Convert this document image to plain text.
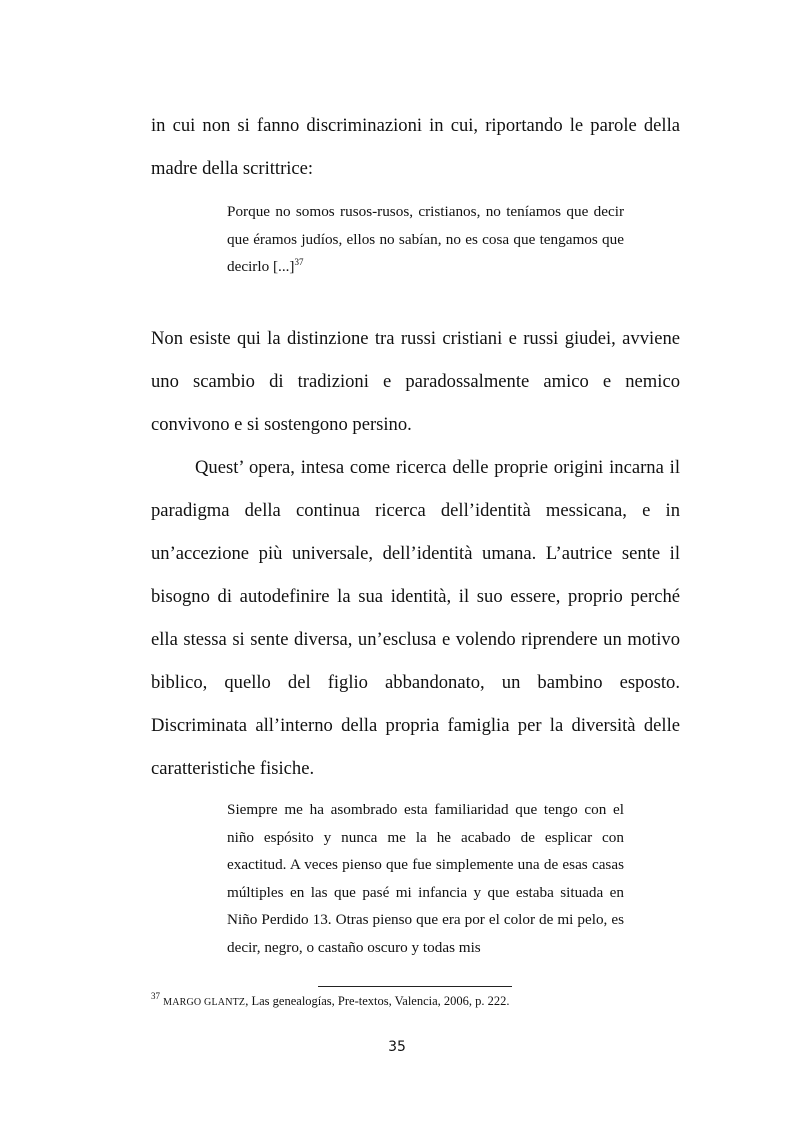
in cui non si fanno discriminazioni in cui, riportando le parole della madre della scrittrice:

Porque no somos rusos-rusos, cristianos, no teníamos que decir que éramos judíos, ellos no sabían, no es cosa que tengamos que decirlo [...]$^{37}$

Non esiste qui la distinzione tra russi cristiani e russi giudei, avviene uno scambio di tradizioni e paradossalmente amico e nemico convivono e si sostengono persino.

Quest’ opera, intesa come ricerca delle proprie origini incarna il paradigma della continua ricerca dell’identità messicana, e in un’accezione più universale, dell’identità umana. L’autrice sente il bisogno di autodefinire la sua identità, il suo essere, proprio perché ella stessa si sente diversa, un’esclusa e volendo riprendere un motivo biblico, quello del figlio abbandonato, un bambino esposto. Discriminata all’interno della propria famiglia per la diversità delle caratteristiche fisiche.

Siempre me ha asombrado esta familiaridad que tengo con el niño espósito y nunca me la he acabado de esplicar con exactitud. A veces pienso que fue simplemente una de esas casas múltiples en las que pasé mi infancia y que estaba situada en Niño Perdido 13. Otras pienso que era por el color de mi pelo, es decir, negro, o castaño oscuro y todas mis

$^{37}$ MARGO GLANTZ, Las genealogías, Pre-textos, Valencia, 2006, p. 222.

35
